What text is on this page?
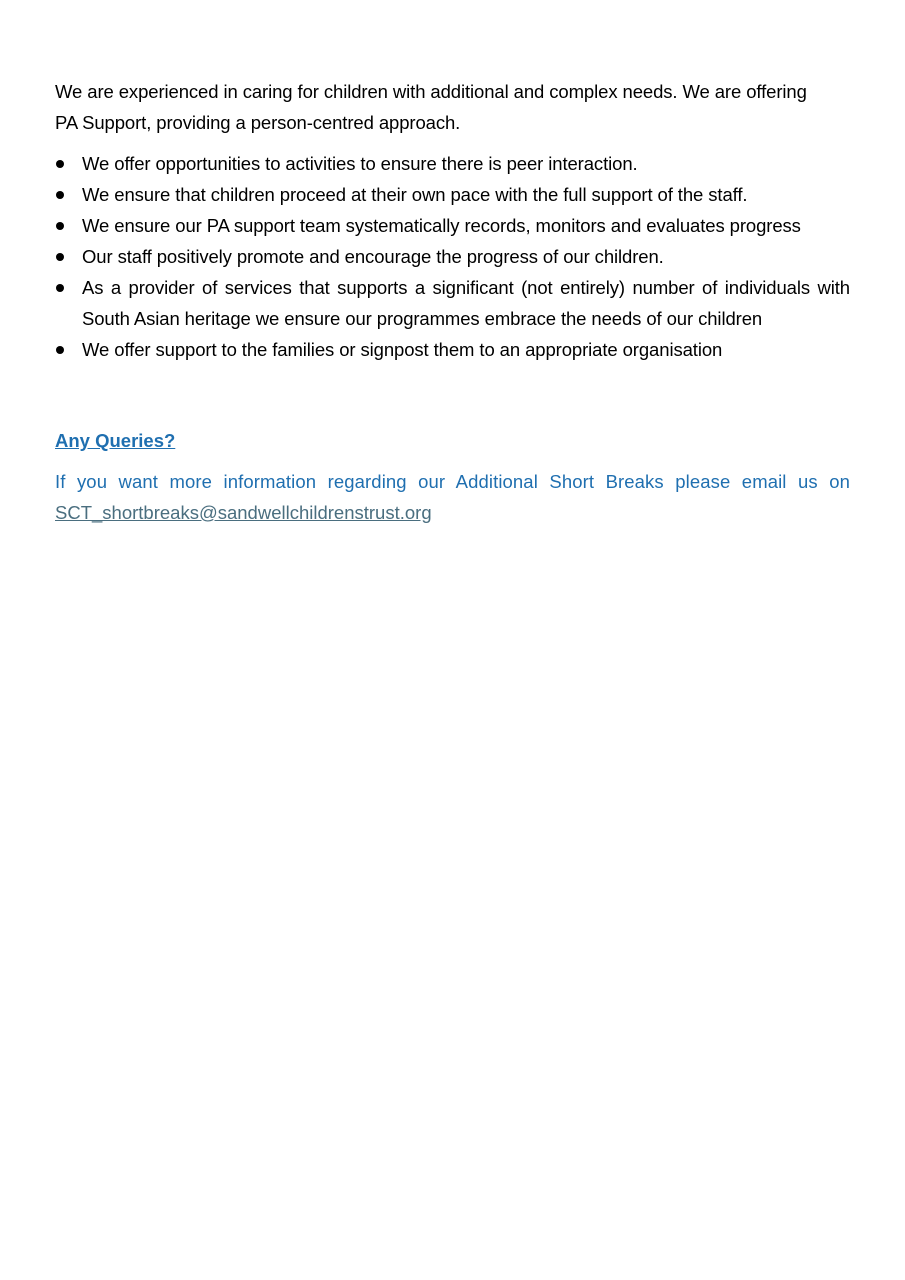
We are experienced in caring for children with additional and complex needs. We are offering
PA Support, providing a person-centred approach.

We offer opportunities to activities to ensure there is peer interaction.
We ensure that children proceed at their own pace with the full support of the staff.
We ensure our PA support team systematically records, monitors and evaluates progress
Our staff positively promote and encourage the progress of our children.
As a provider of services that supports a significant (not entirely) number of individuals with South Asian heritage we ensure our programmes embrace the needs of our children
We offer support to the families or signpost them to an appropriate organisation
Any Queries?

If you want more information regarding our Additional Short Breaks please email us on

SCT_shortbreaks@sandwellchildrenstrust.org
